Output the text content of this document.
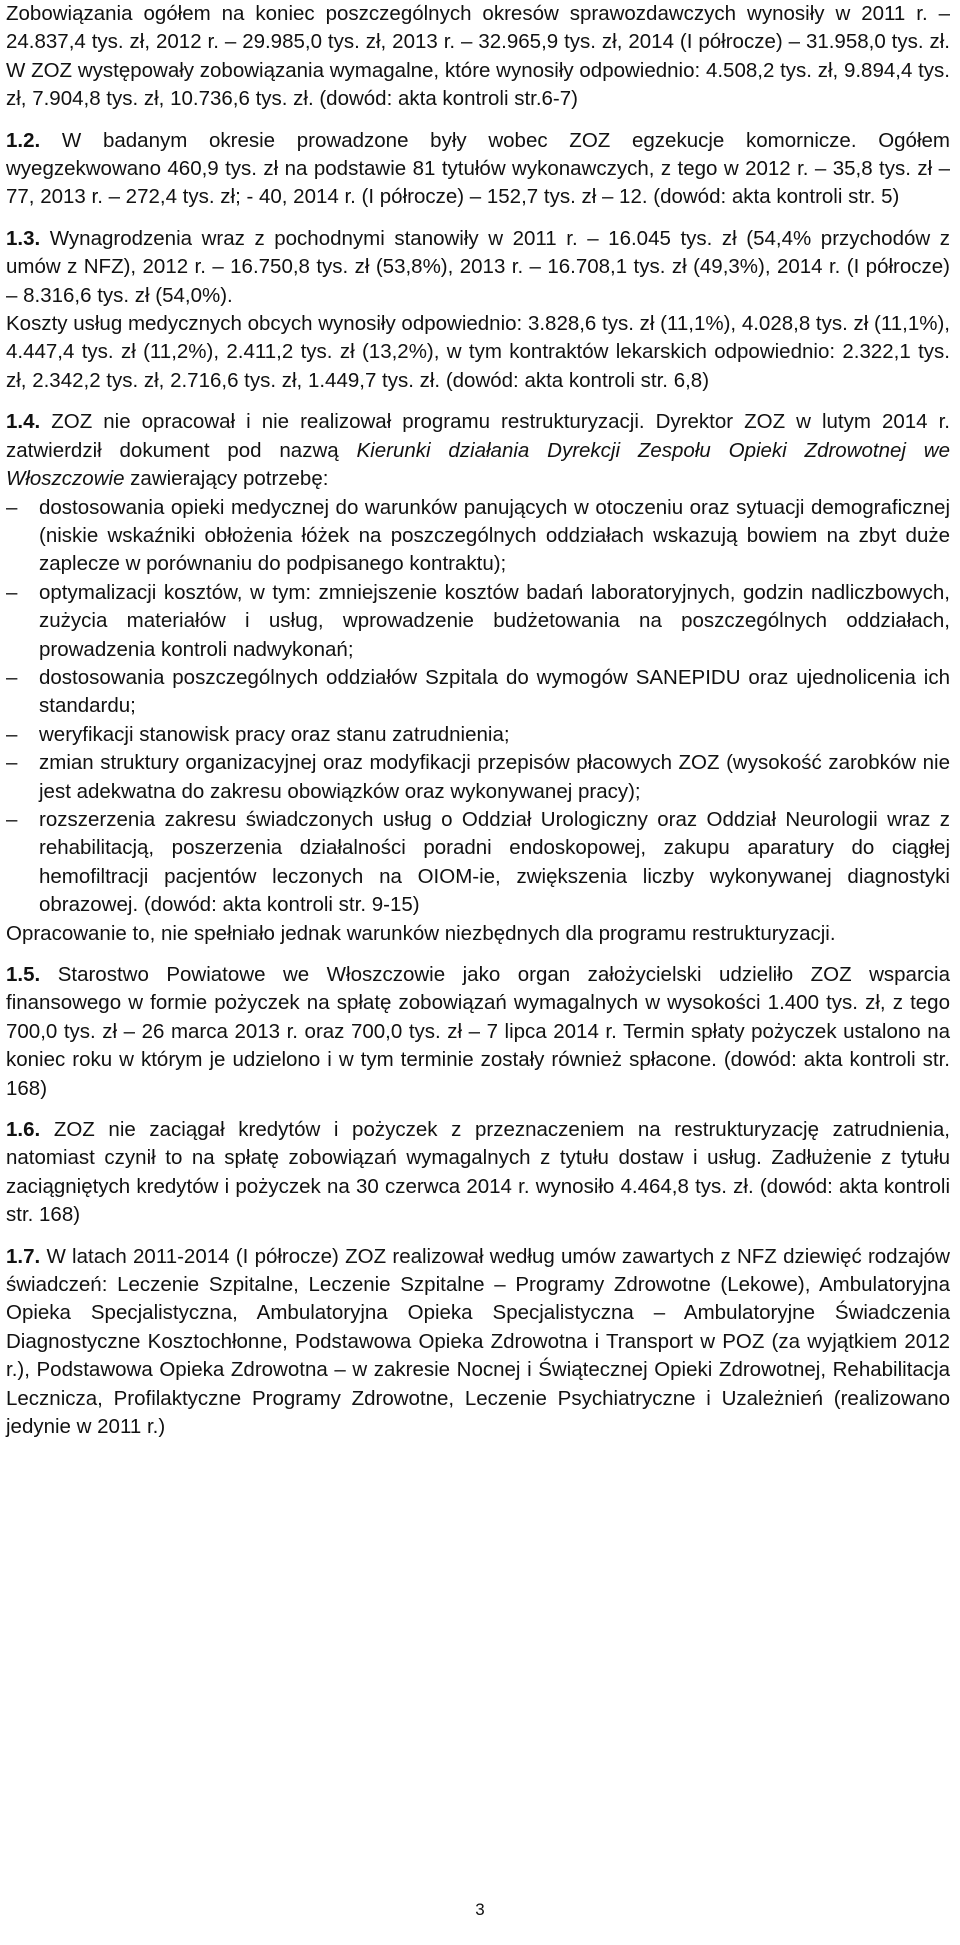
Zobowiązania ogółem na koniec poszczególnych okresów sprawozdawczych wynosiły w 2011 r. – 24.837,4 tys. zł, 2012 r. – 29.985,0 tys. zł, 2013 r. – 32.965,9 tys. zł, 2014 (I półrocze) – 31.958,0 tys. zł. W ZOZ występowały zobowiązania wymagalne, które wynosiły odpowiednio: 4.508,2 tys. zł, 9.894,4 tys. zł, 7.904,8 tys. zł, 10.736,6 tys. zł. (dowód: akta kontroli str.6-7)

1.2. W badanym okresie prowadzone były wobec ZOZ egzekucje komornicze. Ogółem wyegzekwowano 460,9 tys. zł na podstawie 81 tytułów wykonawczych, z tego w 2012 r. – 35,8 tys. zł – 77, 2013 r. – 272,4 tys. zł; - 40, 2014 r. (I półrocze) – 152,7 tys. zł – 12. (dowód: akta kontroli str. 5)

1.3. Wynagrodzenia wraz z pochodnymi stanowiły w 2011 r. – 16.045 tys. zł (54,4% przychodów z umów z NFZ), 2012 r. – 16.750,8 tys. zł (53,8%), 2013 r. – 16.708,1 tys. zł (49,3%), 2014 r. (I półrocze) – 8.316,6 tys. zł (54,0%).

Koszty usług medycznych obcych wynosiły odpowiednio: 3.828,6 tys. zł (11,1%), 4.028,8 tys. zł (11,1%), 4.447,4 tys. zł (11,2%), 2.411,2 tys. zł (13,2%), w tym kontraktów lekarskich odpowiednio: 2.322,1 tys. zł, 2.342,2 tys. zł, 2.716,6 tys. zł, 1.449,7 tys. zł. (dowód: akta kontroli str. 6,8)

1.4. ZOZ nie opracował i nie realizował programu restrukturyzacji. Dyrektor ZOZ w lutym 2014 r. zatwierdził dokument pod nazwą Kierunki działania Dyrekcji Zespołu Opieki Zdrowotnej we Włoszczowie zawierający potrzebę:

– dostosowania opieki medycznej do warunków panujących w otoczeniu oraz sytuacji demograficznej (niskie wskaźniki obłożenia łóżek na poszczególnych oddziałach wskazują bowiem na zbyt duże zaplecze w porównaniu do podpisanego kontraktu);
– optymalizacji kosztów, w tym: zmniejszenie kosztów badań laboratoryjnych, godzin nadliczbowych, zużycia materiałów i usług, wprowadzenie budżetowania na poszczególnych oddziałach, prowadzenia kontroli nadwykonań;
– dostosowania poszczególnych oddziałów Szpitala do wymogów SANEPIDU oraz ujednolicenia ich standardu;
– weryfikacji stanowisk pracy oraz stanu zatrudnienia;
– zmian struktury organizacyjnej oraz modyfikacji przepisów płacowych ZOZ (wysokość zarobków nie jest adekwatna do zakresu obowiązków oraz wykonywanej pracy);
– rozszerzenia zakresu świadczonych usług o Oddział Urologiczny oraz Oddział Neurologii wraz z rehabilitacją, poszerzenia działalności poradni endoskopowej, zakupu aparatury do ciągłej hemofiltracji pacjentów leczonych na OIOM-ie, zwiększenia liczby wykonywanej diagnostyki obrazowej. (dowód: akta kontroli str. 9-15)

Opracowanie to, nie spełniało jednak warunków niezbędnych dla programu restrukturyzacji.

1.5. Starostwo Powiatowe we Włoszczowie jako organ założycielski udzieliło ZOZ wsparcia finansowego w formie pożyczek na spłatę zobowiązań wymagalnych w wysokości 1.400 tys. zł, z tego 700,0 tys. zł – 26 marca 2013 r. oraz 700,0 tys. zł – 7 lipca 2014 r. Termin spłaty pożyczek ustalono na koniec roku w którym je udzielono i w tym terminie zostały również spłacone. (dowód: akta kontroli str. 168)

1.6. ZOZ nie zaciągał kredytów i pożyczek z przeznaczeniem na restrukturyzację zatrudnienia, natomiast czynił to na spłatę zobowiązań wymagalnych z tytułu dostaw i usług. Zadłużenie z tytułu zaciągniętych kredytów i pożyczek na 30 czerwca 2014 r. wynosiło 4.464,8 tys. zł. (dowód: akta kontroli str. 168)

1.7. W latach 2011-2014 (I półrocze) ZOZ realizował według umów zawartych z NFZ dziewięć rodzajów świadczeń: Leczenie Szpitalne, Leczenie Szpitalne – Programy Zdrowotne (Lekowe), Ambulatoryjna Opieka Specjalistyczna, Ambulatoryjna Opieka Specjalistyczna – Ambulatoryjne Świadczenia Diagnostyczne Kosztochłonne, Podstawowa Opieka Zdrowotna i Transport w POZ (za wyjątkiem 2012 r.), Podstawowa Opieka Zdrowotna – w zakresie Nocnej i Świątecznej Opieki Zdrowotnej, Rehabilitacja Lecznicza, Profilaktyczne Programy Zdrowotne, Leczenie Psychiatryczne i Uzależnień (realizowano jedynie w 2011 r.)

3
